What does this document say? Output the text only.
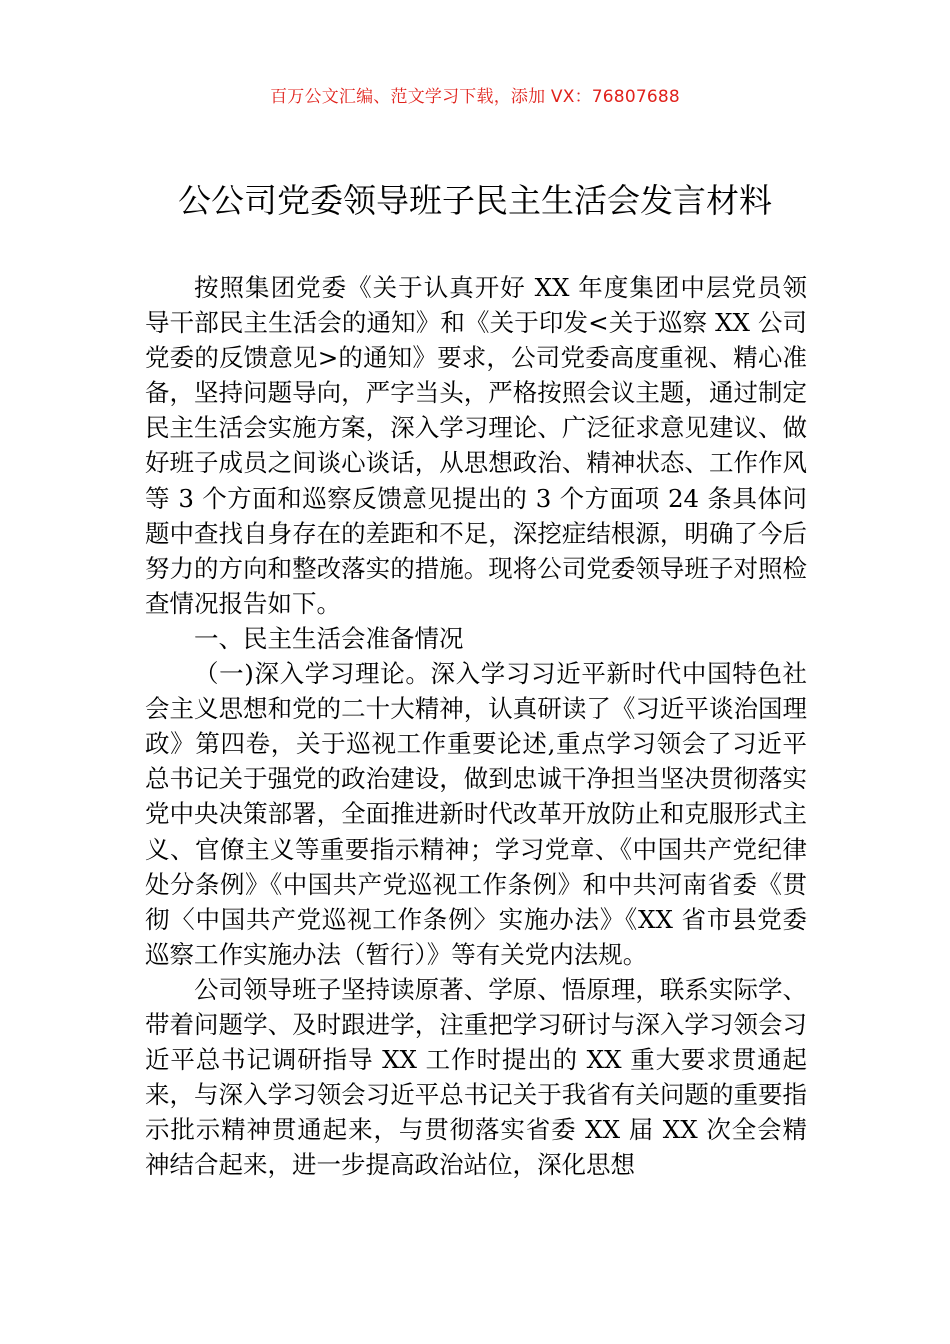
百万公文汇编、范文学习下载，添加 VX：76807688
公公司党委领导班子民主生活会发言材料

按照集团党委《关于认真开好 XX 年度集团中层党员领导干部民主生活会的通知》和《关于印发<关于巡察 XX 公司党委的反馈意见>的通知》要求，公司党委高度重视、精心准备，坚持问题导向，严字当头，严格按照会议主题，通过制定民主生活会实施方案，深入学习理论、广泛征求意见建议、做好班子成员之间谈心谈话，从思想政治、精神状态、工作作风等 3 个方面和巡察反馈意见提出的 3 个方面项 24 条具体问题中查找自身存在的差距和不足，深挖症结根源，明确了今后努力的方向和整改落实的措施。现将公司党委领导班子对照检查情况报告如下。

一、民主生活会准备情况

（一)深入学习理论。深入学习习近平新时代中国特色社会主义思想和党的二十大精神，认真研读了《习近平谈治国理政》第四卷，关于巡视工作重要论述,重点学习领会了习近平总书记关于强党的政治建设，做到忠诚干净担当坚决贯彻落实党中央决策部署，全面推进新时代改革开放防止和克服形式主义、官僚主义等重要指示精神；学习党章、《中国共产党纪律处分条例》《中国共产党巡视工作条例》和中共河南省委《贯彻〈中国共产党巡视工作条例〉实施办法》《XX 省市县党委巡察工作实施办法（暂行）》等有关党内法规。

公司领导班子坚持读原著、学原、悟原理，联系实际学、带着问题学、及时跟进学，注重把学习研讨与深入学习领会习近平总书记调研指导 XX 工作时提出的 XX 重大要求贯通起来，与深入学习领会习近平总书记关于我省有关问题的重要指示批示精神贯通起来，与贯彻落实省委 XX 届 XX 次全会精神结合起来，进一步提高政治站位，深化思想
